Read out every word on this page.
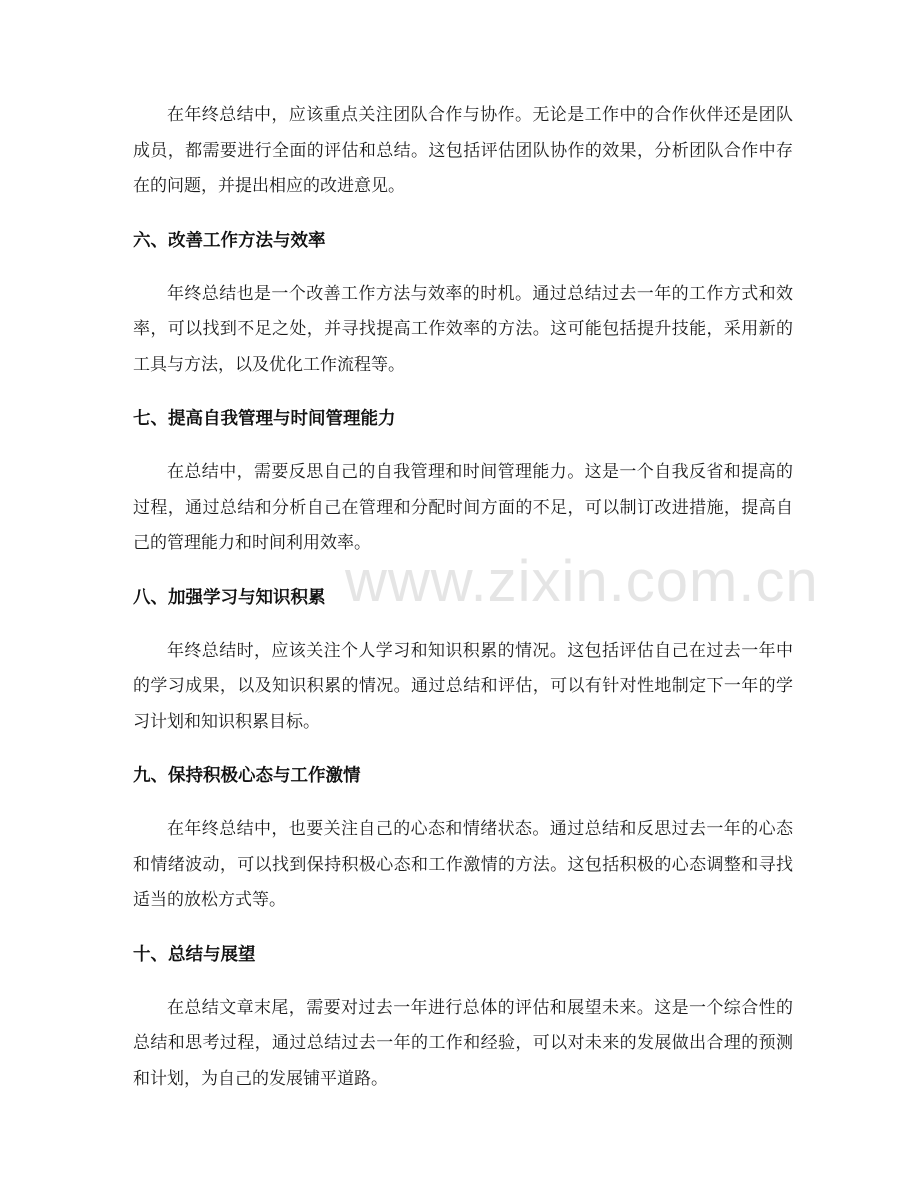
在年终总结中，应该重点关注团队合作与协作。无论是工作中的合作伙伴还是团队成员，都需要进行全面的评估和总结。这包括评估团队协作的效果，分析团队合作中存在的问题，并提出相应的改进意见。

六、改善工作方法与效率

年终总结也是一个改善工作方法与效率的时机。通过总结过去一年的工作方式和效率，可以找到不足之处，并寻找提高工作效率的方法。这可能包括提升技能，采用新的工具与方法，以及优化工作流程等。

七、提高自我管理与时间管理能力

在总结中，需要反思自己的自我管理和时间管理能力。这是一个自我反省和提高的过程，通过总结和分析自己在管理和分配时间方面的不足，可以制订改进措施，提高自己的管理能力和时间利用效率。

八、加强学习与知识积累

年终总结时，应该关注个人学习和知识积累的情况。这包括评估自己在过去一年中的学习成果，以及知识积累的情况。通过总结和评估，可以有针对性地制定下一年的学习计划和知识积累目标。

九、保持积极心态与工作激情

在年终总结中，也要关注自己的心态和情绪状态。通过总结和反思过去一年的心态和情绪波动，可以找到保持积极心态和工作激情的方法。这包括积极的心态调整和寻找适当的放松方式等。

十、总结与展望

在总结文章末尾，需要对过去一年进行总体的评估和展望未来。这是一个综合性的总结和思考过程，通过总结过去一年的工作和经验，可以对未来的发展做出合理的预测和计划，为自己的发展铺平道路。

www.zixin.com.cn
